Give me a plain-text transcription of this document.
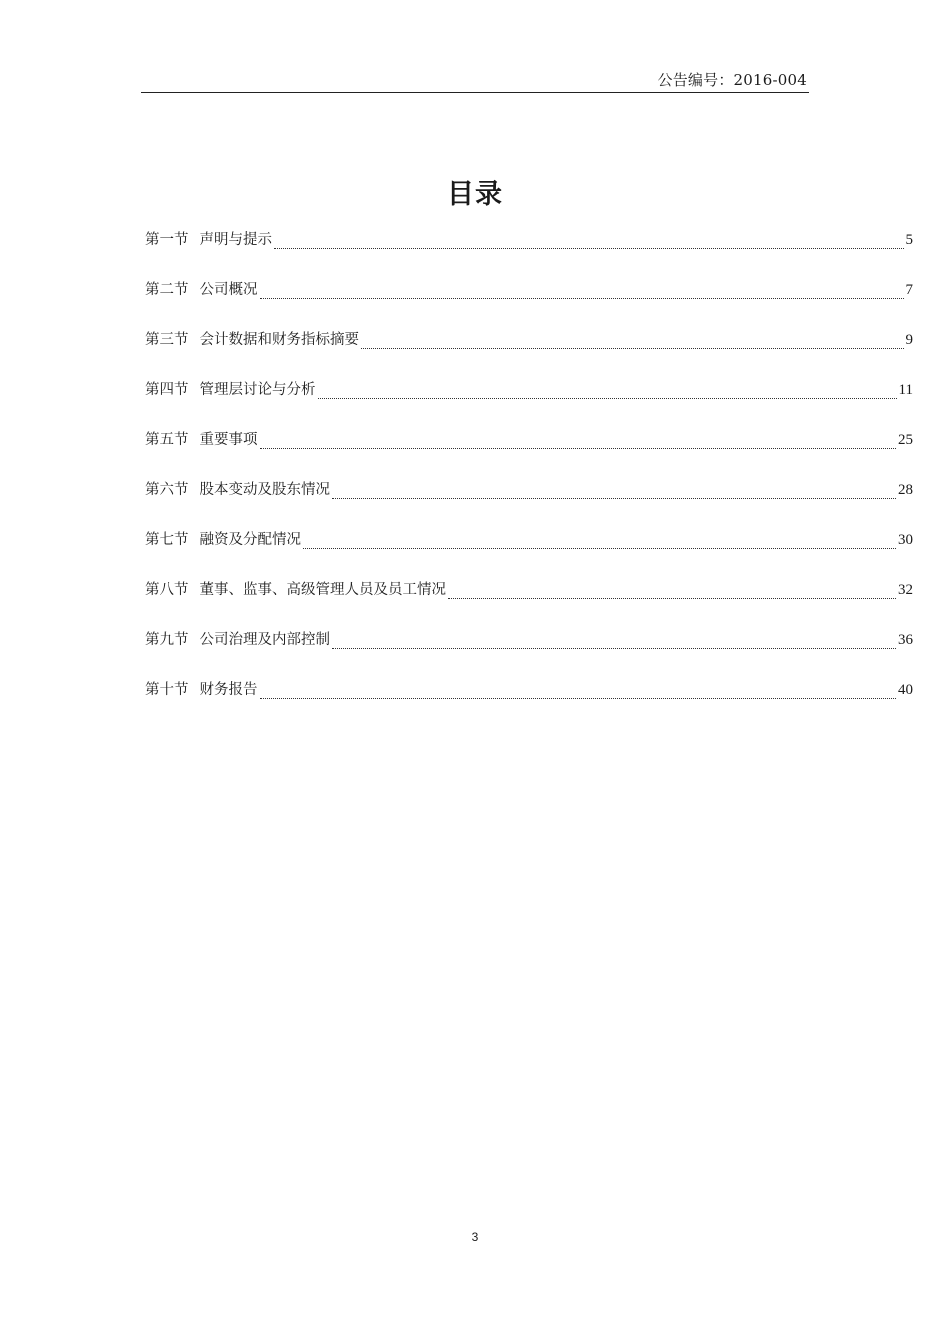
公告编号：2016-004
目录
第一节 声明与提示	5
第二节 公司概况	7
第三节 会计数据和财务指标摘要	9
第四节 管理层讨论与分析	11
第五节 重要事项	25
第六节 股本变动及股东情况	28
第七节 融资及分配情况	30
第八节 董事、监事、高级管理人员及员工情况	32
第九节 公司治理及内部控制	36
第十节 财务报告	40
3
